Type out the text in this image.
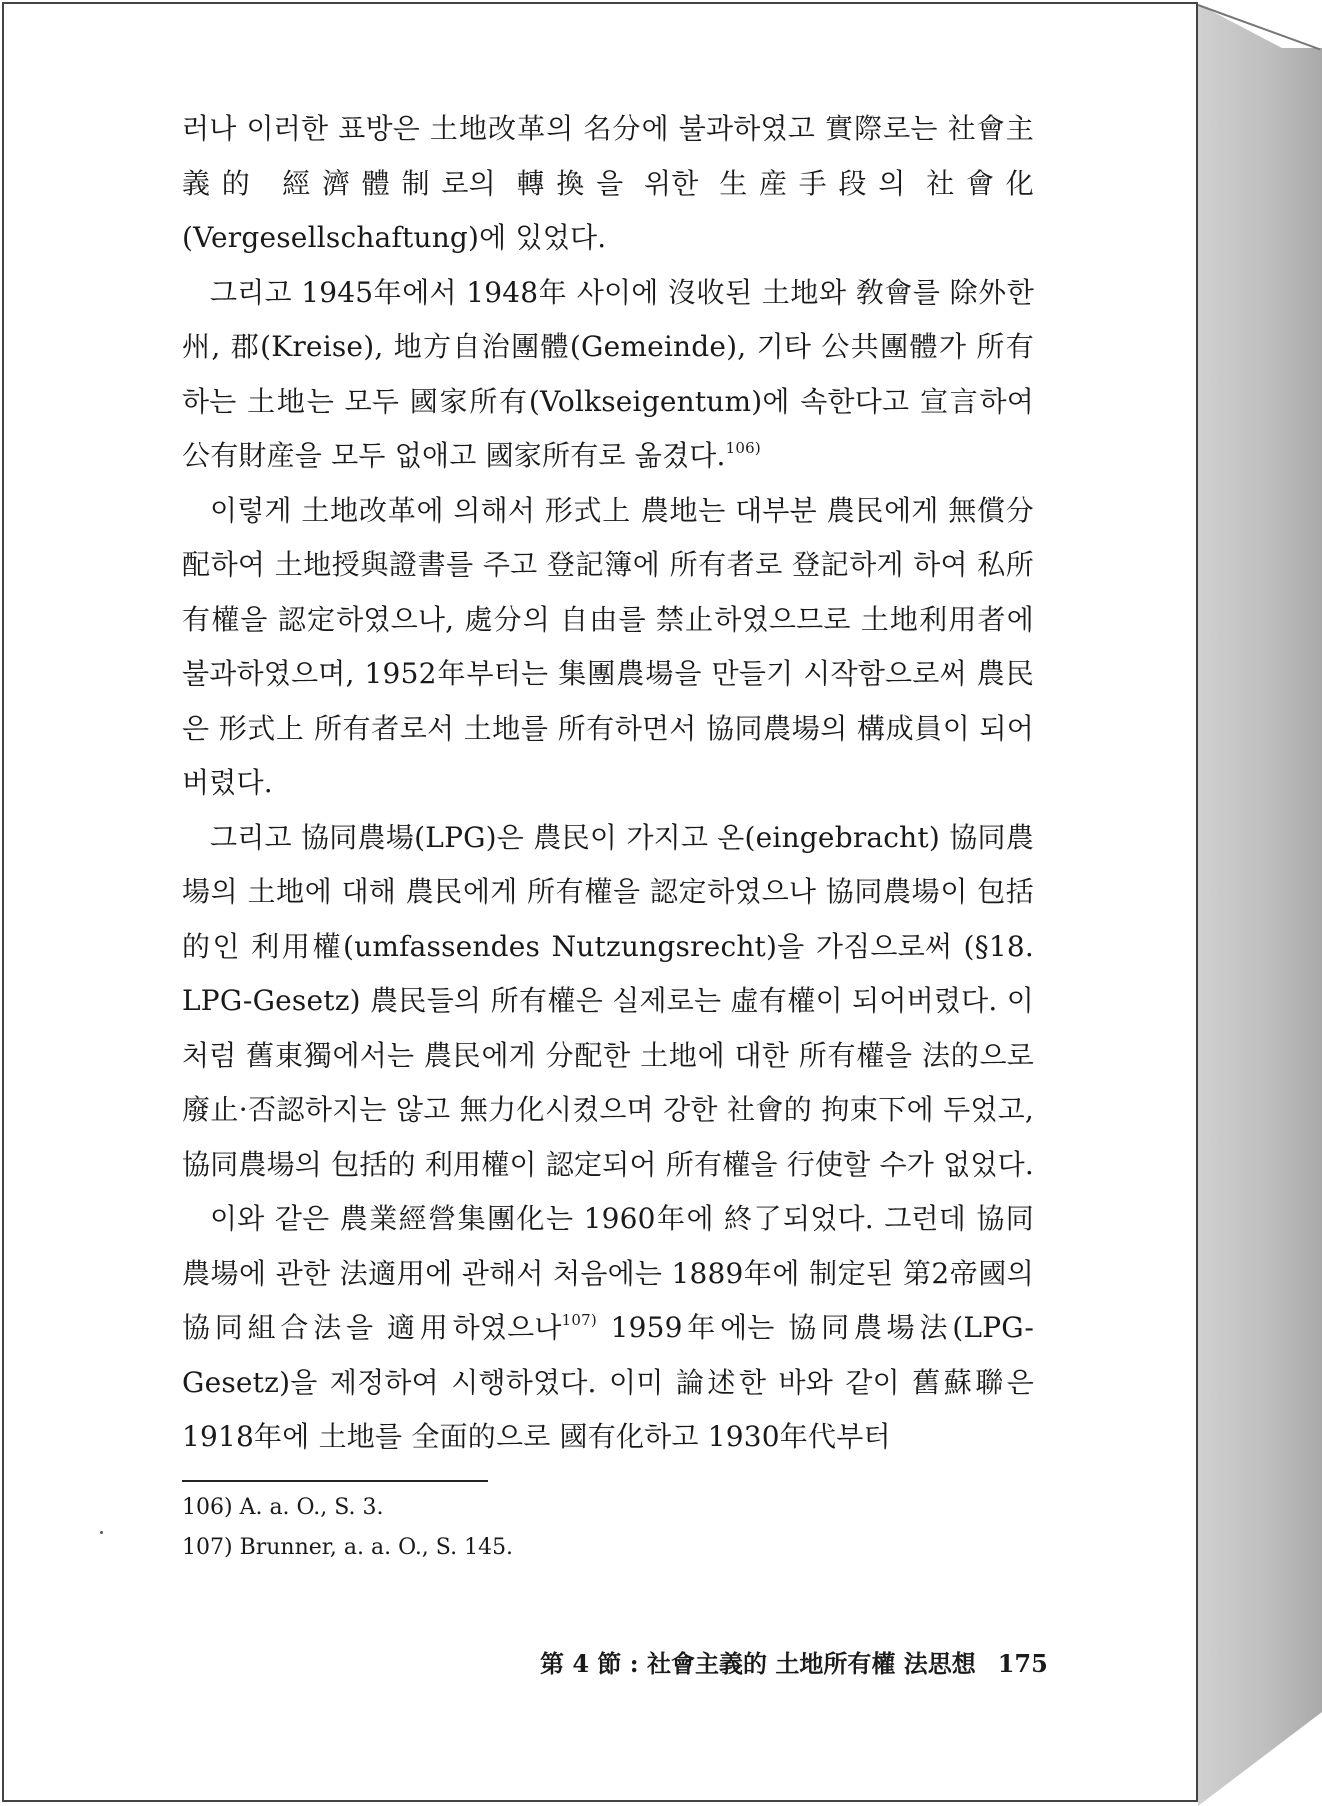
러나 이러한 표방은 土地改革의 名分에 불과하였고 實際로는 社會主義的 經濟體制로의 轉換을 위한 生産手段의 社會化(Vergesellschaftung)에 있었다.

그리고 1945年에서 1948年 사이에 沒收된 土地와 敎會를 除外한 州, 郡(Kreise), 地方自治團體(Gemeinde), 기타 公共團體가 所有하는 土地는 모두 國家所有(Volkseigentum)에 속한다고 宣言하여 公有財産을 모두 없애고 國家所有로 옮겼다.$^{106)}$

이렇게 土地改革에 의해서 形式上 農地는 대부분 農民에게 無償分配하여 土地授與證書를 주고 登記簿에 所有者로 登記하게 하여 私所有權을 認定하였으나, 處分의 自由를 禁止하였으므로 土地利用者에 불과하였으며, 1952年부터는 集團農場을 만들기 시작함으로써 農民은 形式上 所有者로서 土地를 所有하면서 協同農場의 構成員이 되어버렸다.

그리고 協同農場(LPG)은 農民이 가지고 온(eingebracht) 協同農場의 土地에 대해 農民에게 所有權을 認定하였으나 協同農場이 包括的인 利用權(umfassendes Nutzungsrecht)을 가짐으로써 (§18. LPG-Gesetz) 農民들의 所有權은 실제로는 虛有權이 되어버렸다. 이처럼 舊東獨에서는 農民에게 分配한 土地에 대한 所有權을 法的으로 廢止·否認하지는 않고 無力化시켰으며 강한 社會的 拘束下에 두었고, 協同農場의 包括的 利用權이 認定되어 所有權을 行使할 수가 없었다.

이와 같은 農業經營集團化는 1960年에 終了되었다. 그런데 協同農場에 관한 法適用에 관해서 처음에는 1889年에 制定된 第2帝國의 協同組合法을 適用하였으나$^{107)}$ 1959年에는 協同農場法(LPG-Gesetz)을 제정하여 시행하였다. 이미 論述한 바와 같이 舊蘇聯은 1918年에 土地를 全面的으로 國有化하고 1930年代부터

106) A. a. O., S. 3.

107) Brunner, a. a. O., S. 145.

第 4 節 : 社會主義的 土地所有權 法思想 175
